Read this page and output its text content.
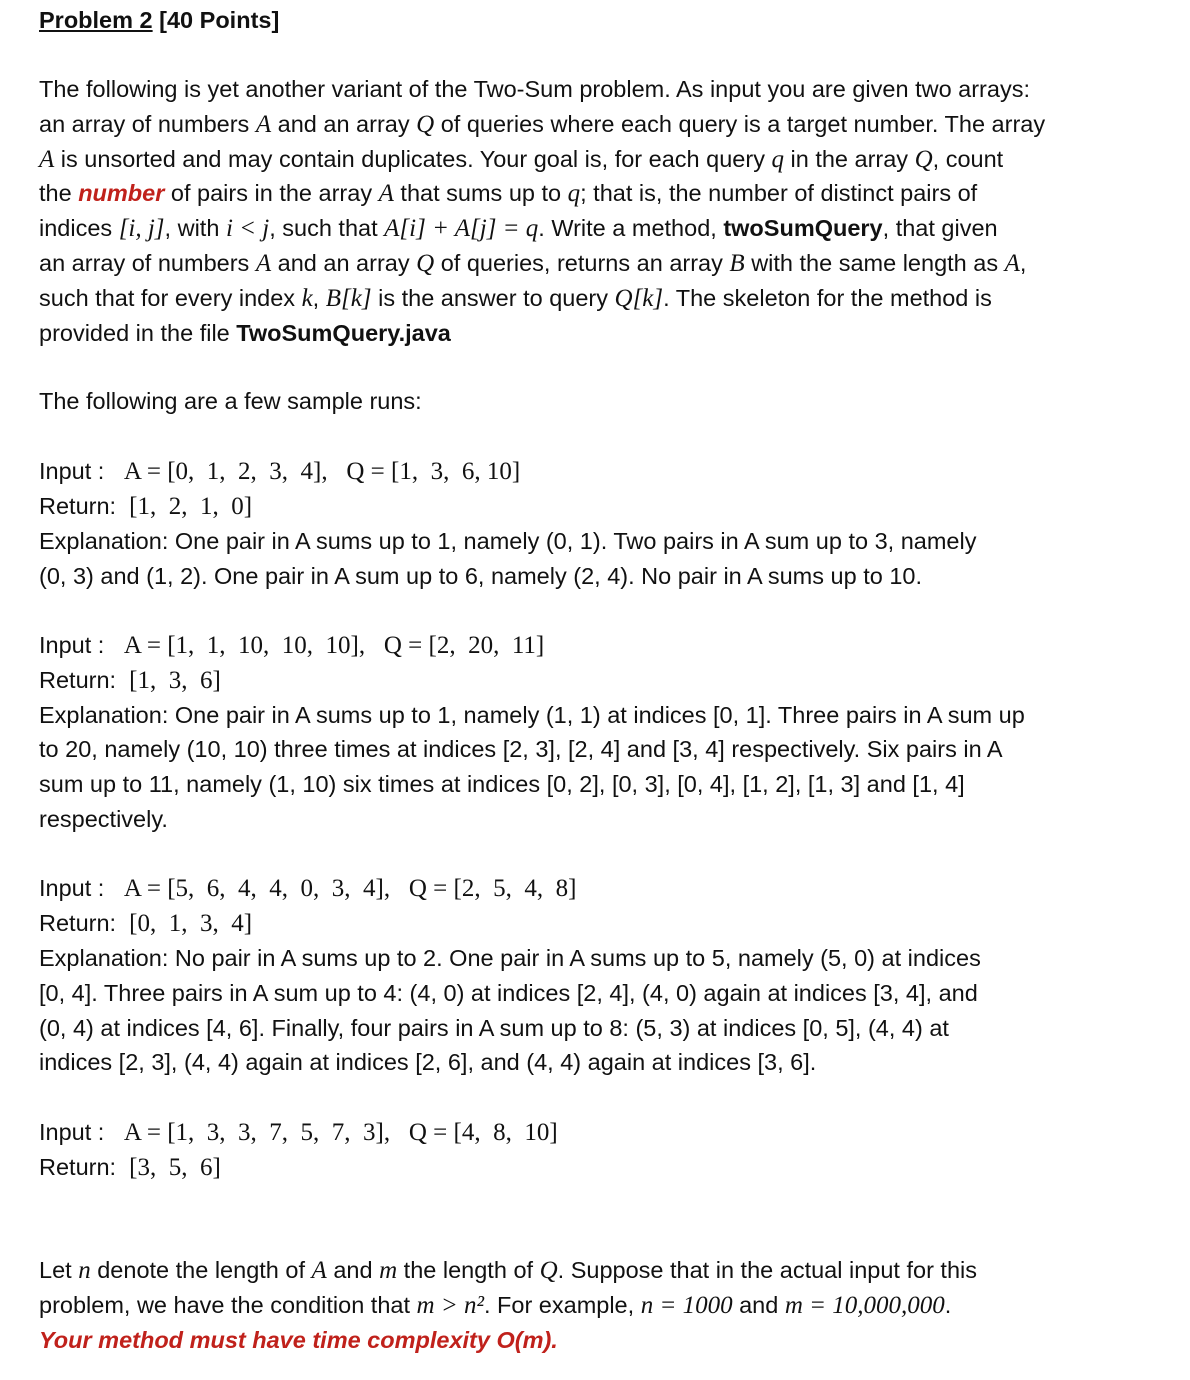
Problem 2 [40 Points]
The following is yet another variant of the Two-Sum problem. As input you are given two arrays:
an array of numbers A and an array Q of queries where each query is a target number. The array
A is unsorted and may contain duplicates. Your goal is, for each query q in the array Q, count
the number of pairs in the array A that sums up to q; that is, the number of distinct pairs of
indices [i, j], with i < j, such that A[i] + A[j] = q. Write a method, twoSumQuery, that given
an array of numbers A and an array Q of queries, returns an array B with the same length as A,
such that for every index k, B[k] is the answer to query Q[k]. The skeleton for the method is
provided in the file TwoSumQuery.java
The following are a few sample runs:
Input : A = [0,  1,  2,  3,  4],   Q = [1,  3,  6, 10]
Return: [1,  2,  1,  0]
Explanation: One pair in A sums up to 1, namely (0, 1). Two pairs in A sum up to 3, namely
(0, 3) and (1, 2). One pair in A sum up to 6, namely (2, 4). No pair in A sums up to 10.
Input : A = [1,  1,  10,  10,  10],   Q = [2,  20,  11]
Return: [1,  3,  6]
Explanation: One pair in A sums up to 1, namely (1, 1) at indices [0, 1]. Three pairs in A sum up
to 20, namely (10, 10) three times at indices [2, 3], [2, 4] and [3, 4] respectively. Six pairs in A
sum up to 11, namely (1, 10) six times at indices [0, 2], [0, 3], [0, 4], [1, 2], [1, 3] and [1, 4]
respectively.
Input : A = [5,  6,  4,  4,  0,  3,  4],   Q = [2,  5,  4,  8]
Return: [0,  1,  3,  4]
Explanation: No pair in A sums up to 2. One pair in A sums up to 5, namely (5, 0) at indices
[0, 4]. Three pairs in A sum up to 4: (4, 0) at indices [2, 4], (4, 0) again at indices [3, 4], and
(0, 4) at indices [4, 6]. Finally, four pairs in A sum up to 8: (5, 3) at indices [0, 5], (4, 4) at
indices [2, 3], (4, 4) again at indices [2, 6], and (4, 4) again at indices [3, 6].
Input : A = [1,  3,  3,  7,  5,  7,  3],   Q = [4,  8,  10]
Return: [3,  5,  6]
Let n denote the length of A and m the length of Q. Suppose that in the actual input for this
problem, we have the condition that m > n². For example, n = 1000 and m = 10,000,000.
Your method must have time complexity O(m).
